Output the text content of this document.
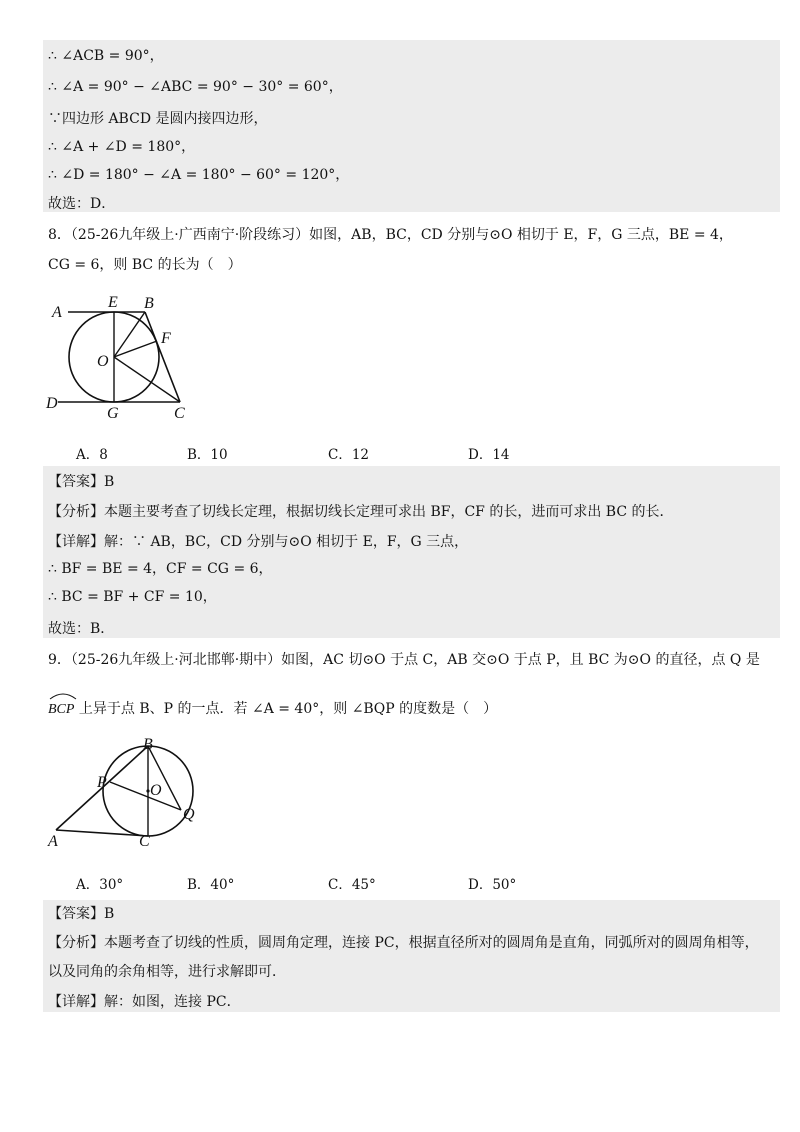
∴ ∠ACB = 90°，
∴ ∠A = 90° − ∠ABC = 90° − 30° = 60°，
∵四边形 ABCD 是圆内接四边形，
∴ ∠A + ∠D = 180°，
∴ ∠D = 180° − ∠A = 180° − 60° = 120°，
故选：D．
8．（25-26九年级上·广西南宁·阶段练习）如图，AB，BC，CD 分别与⊙O 相切于 E，F，G 三点，BE = 4，
CG = 6，则 BC 的长为（　）
A
E B
F
O
D
G	C
A．8	B．10	C．12	D．14
【答案】B
【分析】本题主要考查了切线长定理，根据切线长定理可求出 BF，CF 的长，进而可求出 BC 的长．
【详解】解：∵ AB，BC，CD 分别与⊙O 相切于 E，F，G 三点，
∴ BF = BE = 4，CF = CG = 6，
∴ BC = BF + CF = 10，
故选：B．
9．（25-26九年级上·河北邯郸·期中）如图，AC 切⊙O 于点 C，AB 交⊙O 于点 P，且 BC 为⊙O 的直径，点 Q 是
BCP 上异于点 B、P 的一点．若 ∠A = 40°，则 ∠BQP 的度数是（　）
B
P	O
Q
A	C
A．30°	B．40°	C．45°	D．50°
【答案】B
【分析】本题考查了切线的性质，圆周角定理，连接 PC，根据直径所对的圆周角是直角，同弧所对的圆周角相等，
以及同角的余角相等，进行求解即可．
【详解】解：如图，连接 PC．
